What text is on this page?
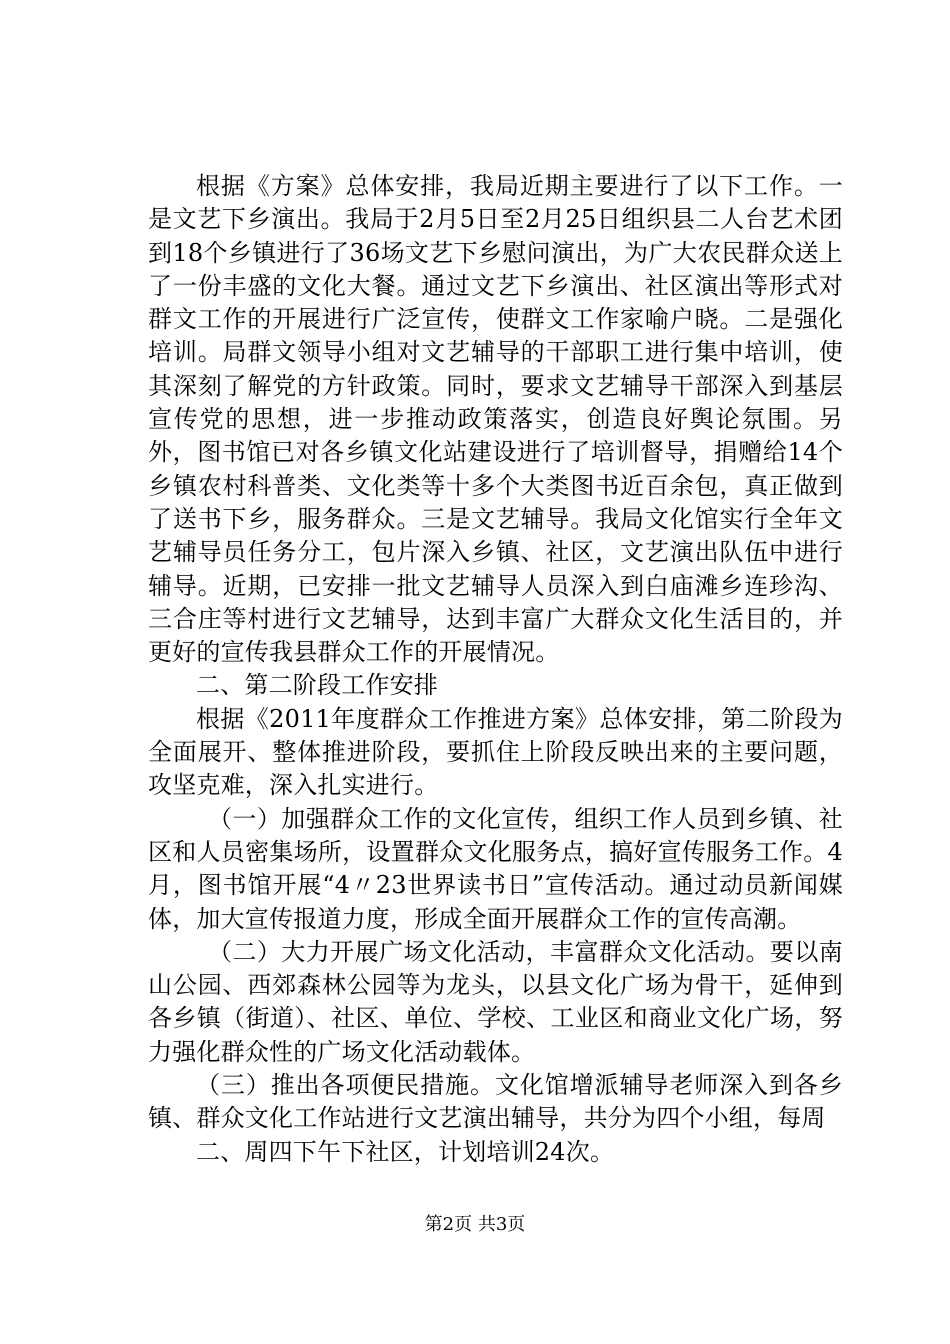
根据《方案》总体安排，我局近期主要进行了以下工作。一是文艺下乡演出。我局于2月5日至2月25日组织县二人台艺术团到18个乡镇进行了36场文艺下乡慰问演出，为广大农民群众送上了一份丰盛的文化大餐。通过文艺下乡演出、社区演出等形式对群文工作的开展进行广泛宣传，使群文工作家喻户晓。二是强化培训。局群文领导小组对文艺辅导的干部职工进行集中培训，使其深刻了解党的方针政策。同时，要求文艺辅导干部深入到基层宣传党的思想，进一步推动政策落实，创造良好舆论氛围。另外，图书馆已对各乡镇文化站建设进行了培训督导，捐赠给14个乡镇农村科普类、文化类等十多个大类图书近百余包，真正做到了送书下乡，服务群众。三是文艺辅导。我局文化馆实行全年文艺辅导员任务分工，包片深入乡镇、社区，文艺演出队伍中进行辅导。近期，已安排一批文艺辅导人员深入到白庙滩乡连珍沟、三合庄等村进行文艺辅导，达到丰富广大群众文化生活目的，并更好的宣传我县群众工作的开展情况。

二、第二阶段工作安排

根据《2011年度群众工作推进方案》总体安排，第二阶段为全面展开、整体推进阶段，要抓住上阶段反映出来的主要问题，攻坚克难，深入扎实进行。

（一）加强群众工作的文化宣传，组织工作人员到乡镇、社区和人员密集场所，设置群众文化服务点，搞好宣传服务工作。4月，图书馆开展“4〃23世界读书日”宣传活动。通过动员新闻媒体，加大宣传报道力度，形成全面开展群众工作的宣传高潮。

（二）大力开展广场文化活动，丰富群众文化活动。要以南山公园、西郊森林公园等为龙头，以县文化广场为骨干，延伸到各乡镇（街道）、社区、单位、学校、工业区和商业文化广场，努力强化群众性的广场文化活动载体。

（三）推出各项便民措施。文化馆增派辅导老师深入到各乡镇、群众文化工作站进行文艺演出辅导，共分为四个小组，每周

二、周四下午下社区，计划培训24次。

第2页 共3页
